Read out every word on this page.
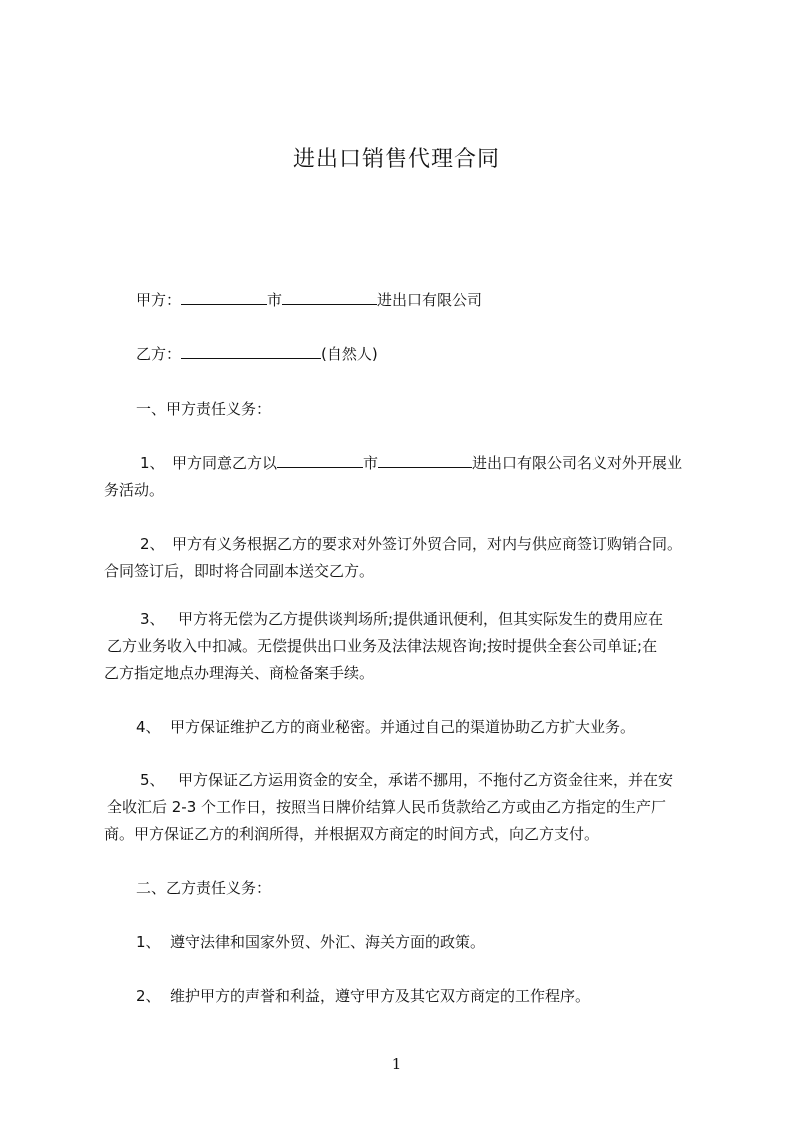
进出口销售代理合同

甲方：	市	进出口有限公司

乙方：	(自然人)

一、甲方责任义务：

1、 甲方同意乙方以	市	进出口有限公司名义对外开展业

务活动。

2、 甲方有义务根据乙方的要求对外签订外贸合同，对内与供应商签订购销合同。

合同签订后，即时将合同副本送交乙方。

3、 甲方将无偿为乙方提供谈判场所;提供通讯便利，但其实际发生的费用应在

乙方业务收入中扣减。无偿提供出口业务及法律法规咨询;按时提供全套公司单证;在

乙方指定地点办理海关、商检备案手续。

4、 甲方保证维护乙方的商业秘密。并通过自己的渠道协助乙方扩大业务。

5、 甲方保证乙方运用资金的安全，承诺不挪用，不拖付乙方资金往来，并在安

全收汇后 2-3 个工作日，按照当日牌价结算人民币货款给乙方或由乙方指定的生产厂

商。甲方保证乙方的利润所得，并根据双方商定的时间方式，向乙方支付。

二、乙方责任义务：

1、 遵守法律和国家外贸、外汇、海关方面的政策。

2、 维护甲方的声誉和利益，遵守甲方及其它双方商定的工作程序。

1
